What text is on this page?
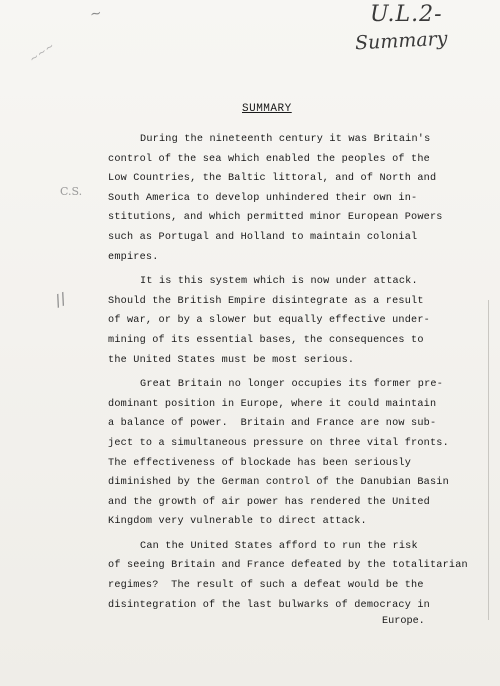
U.L.2-
Summary
~
~~~
C.S.
//
SUMMARY
During the nineteenth century it was Britain's
control of the sea which enabled the peoples of the
Low Countries, the Baltic littoral, and of North and
South America to develop unhindered their own in-
stitutions, and which permitted minor European Powers
such as Portugal and Holland to maintain colonial
empires.
It is this system which is now under attack.
Should the British Empire disintegrate as a result
of war, or by a slower but equally effective under-
mining of its essential bases, the consequences to
the United States must be most serious.
Great Britain no longer occupies its former pre-
dominant position in Europe, where it could maintain
a balance of power.  Britain and France are now sub-
ject to a simultaneous pressure on three vital fronts.
The effectiveness of blockade has been seriously
diminished by the German control of the Danubian Basin
and the growth of air power has rendered the United
Kingdom very vulnerable to direct attack.
Can the United States afford to run the risk
of seeing Britain and France defeated by the totalitarian
regimes?  The result of such a defeat would be the
disintegration of the last bulwarks of democracy in
Europe.
